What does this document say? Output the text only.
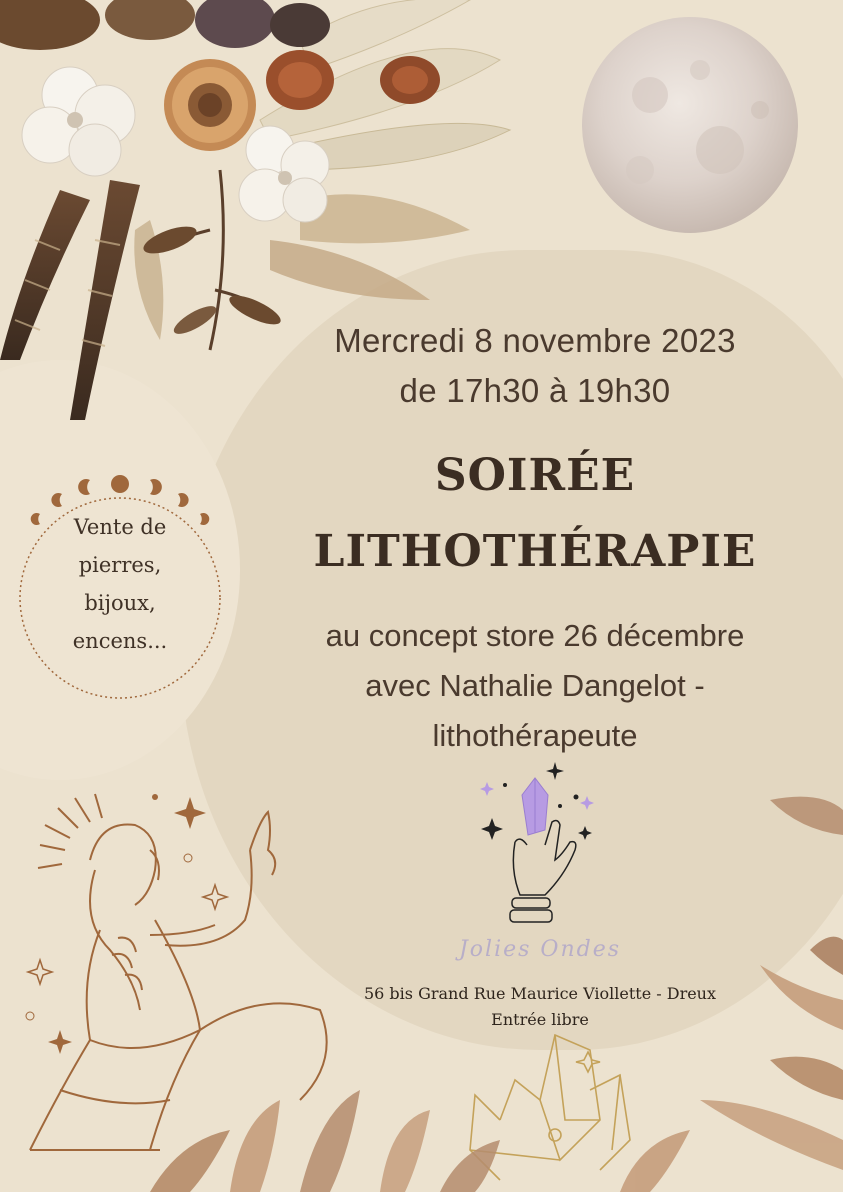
Mercredi 8 novembre 2023
de 17h30 à 19h30
SOIRÉE
LITHOTHÉRAPIE
au concept store 26 décembre
avec Nathalie Dangelot -
lithothérapeute
Vente de
pierres,
bijoux,
encens...
Jolies Ondes
56 bis Grand Rue Maurice Viollette - Dreux
Entrée libre
